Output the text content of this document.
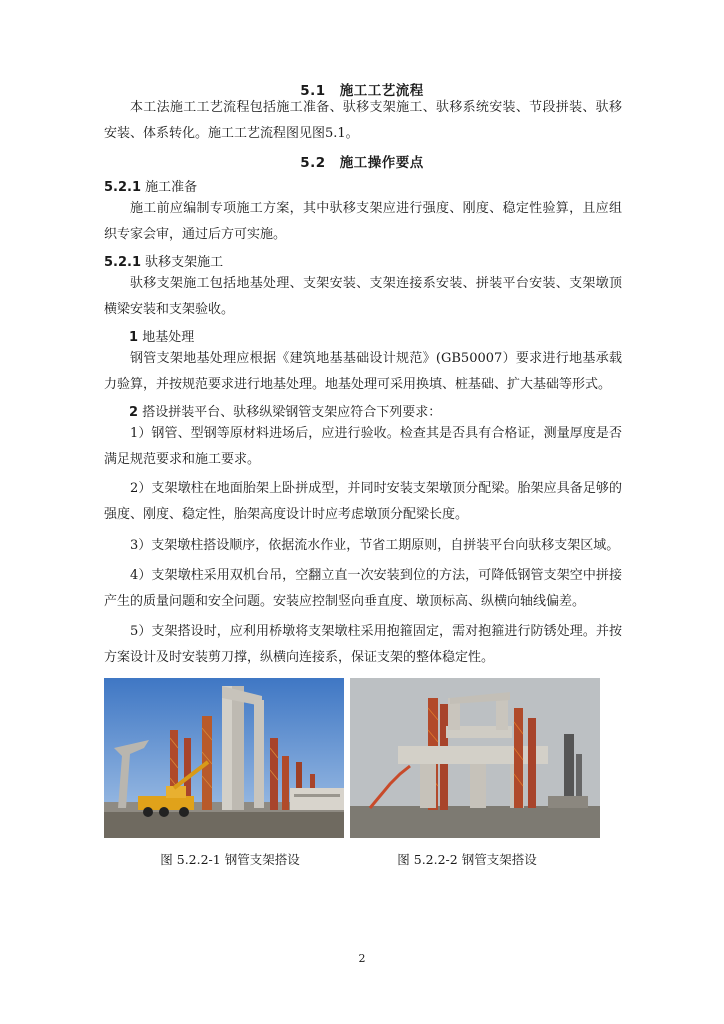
5.1　施工工艺流程
本工法施工工艺流程包括施工准备、驮移支架施工、驮移系统安装、节段拼装、驮移安装、体系转化。施工工艺流程图见图5.1。
5.2　施工操作要点
5.2.1 施工准备
施工前应编制专项施工方案，其中驮移支架应进行强度、刚度、稳定性验算，且应组织专家会审，通过后方可实施。
5.2.1 驮移支架施工
驮移支架施工包括地基处理、支架安装、支架连接系安装、拼装平台安装、支架墩顶横梁安装和支架验收。
1 地基处理
钢管支架地基处理应根据《建筑地基基础设计规范》(GB50007）要求进行地基承载力验算，并按规范要求进行地基处理。地基处理可采用换填、桩基础、扩大基础等形式。
2 搭设拼装平台、驮移纵梁钢管支架应符合下列要求：
1）钢管、型钢等原材料进场后，应进行验收。检查其是否具有合格证，测量厚度是否满足规范要求和施工要求。
2）支架墩柱在地面胎架上卧拼成型，并同时安装支架墩顶分配梁。胎架应具备足够的强度、刚度、稳定性，胎架高度设计时应考虑墩顶分配梁长度。
3）支架墩柱搭设顺序，依据流水作业，节省工期原则，自拼装平台向驮移支架区域。
4）支架墩柱采用双机台吊，空翻立直一次安装到位的方法，可降低钢管支架空中拼接产生的质量问题和安全问题。安装应控制竖向垂直度、墩顶标高、纵横向轴线偏差。
5）支架搭设时，应利用桥墩将支架墩柱采用抱箍固定，需对抱箍进行防锈处理。并按方案设计及时安装剪刀撑，纵横向连接系，保证支架的整体稳定性。
图 5.2.2-1 钢管支架搭设	图 5.2.2-2 钢管支架搭设
2
